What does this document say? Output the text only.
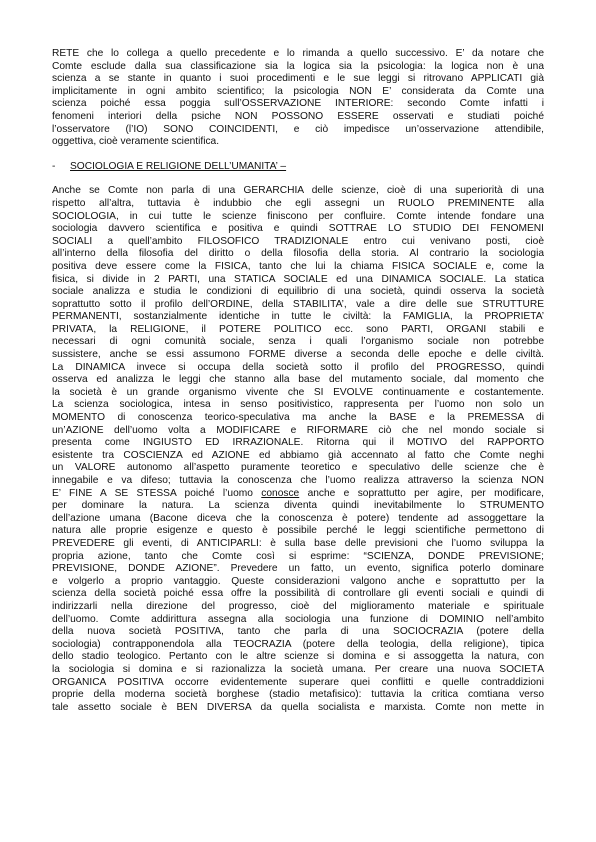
RETE che lo collega a quello precedente e lo rimanda a quello successivo. E’ da notare che
Comte esclude dalla sua classificazione sia la logica sia la psicologia: la logica non è una
scienza a se stante in quanto i suoi procedimenti e le sue leggi si ritrovano APPLICATI già
implicitamente in ogni ambito scientifico; la psicologia NON E’ considerata da Comte una
scienza poiché essa poggia sull’OSSERVAZIONE INTERIORE: secondo Comte infatti i
fenomeni interiori della psiche NON POSSONO ESSERE osservati e studiati poiché
l’osservatore (l’IO) SONO COINCIDENTI, e ciò impedisce un’osservazione attendibile,
oggettiva, cioè veramente scientifica.
-	SOCIOLOGIA E RELIGIONE DELL’UMANITA’ –
Anche se Comte non parla di una GERARCHIA delle scienze, cioè di una superiorità di una
rispetto all’altra, tuttavia è indubbio che egli assegni un RUOLO PREMINENTE alla
SOCIOLOGIA, in cui tutte le scienze finiscono per confluire. Comte intende fondare una
sociologia davvero scientifica e positiva e quindi SOTTRAE LO STUDIO DEI FENOMENI
SOCIALI a quell’ambito FILOSOFICO TRADIZIONALE entro cui venivano posti, cioè
all’interno della filosofia del diritto o della filosofia della storia. Al contrario la sociologia
positiva deve essere come la FISICA, tanto che lui la chiama FISICA SOCIALE e, come la
fisica, si divide in 2 PARTI, una STATICA SOCIALE ed una DINAMICA SOCIALE. La statica
sociale analizza e studia le condizioni di equilibrio di una società, quindi osserva la società
soprattutto sotto il profilo dell’ORDINE, della STABILITA’, vale a dire delle sue STRUTTURE
PERMANENTI, sostanzialmente identiche in tutte le civiltà: la FAMIGLIA, la PROPRIETA’
PRIVATA, la RELIGIONE, il POTERE POLITICO ecc. sono PARTI, ORGANI stabili e
necessari di ogni comunità sociale, senza i quali l’organismo sociale non potrebbe
sussistere, anche se essi assumono FORME diverse a seconda delle epoche e delle civiltà.
La DINAMICA invece si occupa della società sotto il profilo del PROGRESSO, quindi
osserva ed analizza le leggi che stanno alla base del mutamento sociale, dal momento che
la società è un grande organismo vivente che SI EVOLVE continuamente e costantemente.
La scienza sociologica, intesa in senso positivistico, rappresenta per l’uomo non solo un
MOMENTO di conoscenza teorico-speculativa ma anche la BASE e la PREMESSA di
un’AZIONE dell’uomo volta a MODIFICARE e RIFORMARE ciò che nel mondo sociale si
presenta come INGIUSTO ED IRRAZIONALE. Ritorna qui il MOTIVO del RAPPORTO
esistente tra COSCIENZA ed AZIONE ed abbiamo già accennato al fatto che Comte neghi
un VALORE autonomo all’aspetto puramente teoretico e speculativo delle scienze che è
innegabile e va difeso; tuttavia la conoscenza che l’uomo realizza attraverso la scienza NON
E’ FINE A SE STESSA poiché l’uomo conosce anche e soprattutto per agire, per modificare,
per dominare la natura. La scienza diventa quindi inevitabilmente lo STRUMENTO
dell’azione umana (Bacone diceva che la conoscenza è potere) tendente ad assoggettare la
natura alle proprie esigenze e questo è possibile perché le leggi scientifiche permettono di
PREVEDERE gli eventi, di ANTICIPARLI: è sulla base delle previsioni che l’uomo sviluppa la
propria azione, tanto che Comte così si esprime: “SCIENZA, DONDE PREVISIONE;
PREVISIONE, DONDE AZIONE”. Prevedere un fatto, un evento, significa poterlo dominare
e volgerlo a proprio vantaggio. Queste considerazioni valgono anche e soprattutto per la
scienza della società poiché essa offre la possibilità di controllare gli eventi sociali e quindi di
indirizzarli nella direzione del progresso, cioè del miglioramento materiale e spirituale
dell’uomo. Comte addirittura assegna alla sociologia una funzione di DOMINIO nell’ambito
della nuova società POSITIVA, tanto che parla di una SOCIOCRAZIA (potere della
sociologia) contrapponendola alla TEOCRAZIA (potere della teologia, della religione), tipica
dello stadio teologico. Pertanto con le altre scienze si domina e si assoggetta la natura, con
la sociologia si domina e si razionalizza la società umana. Per creare una nuova SOCIETÀ
ORGANICA POSITIVA occorre evidentemente superare quei conflitti e quelle contraddizioni
proprie della moderna società borghese (stadio metafisico): tuttavia la critica comtiana verso
tale assetto sociale è BEN DIVERSA da quella socialista e marxista. Comte non mette in
